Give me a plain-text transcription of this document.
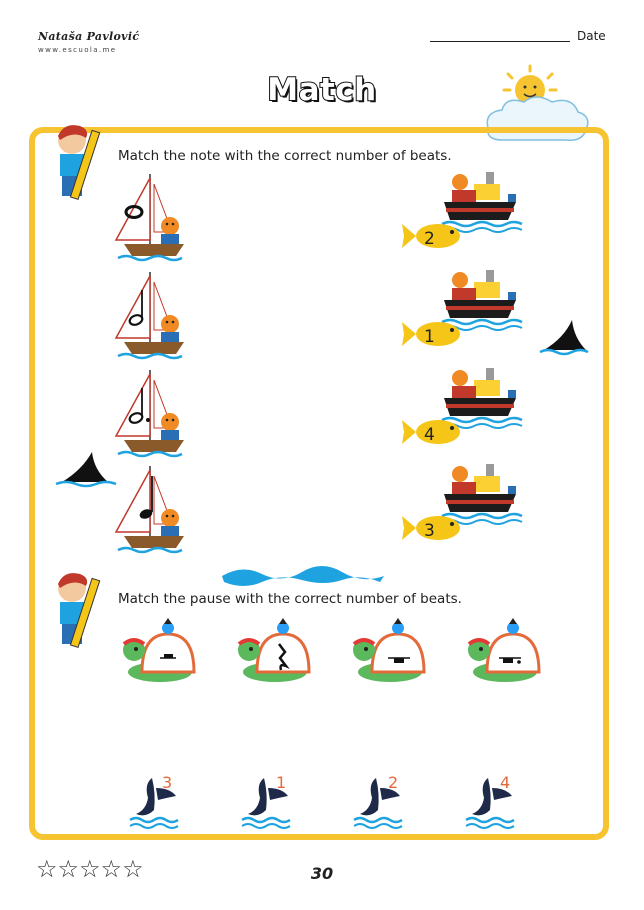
Nataša Pavlović
www.escuola.me
Date
Match
Match the note with the correct number of beats.
2
1
4
3
Match the pause with the correct number of beats.
3	1	2	4
☆☆☆☆☆	30
